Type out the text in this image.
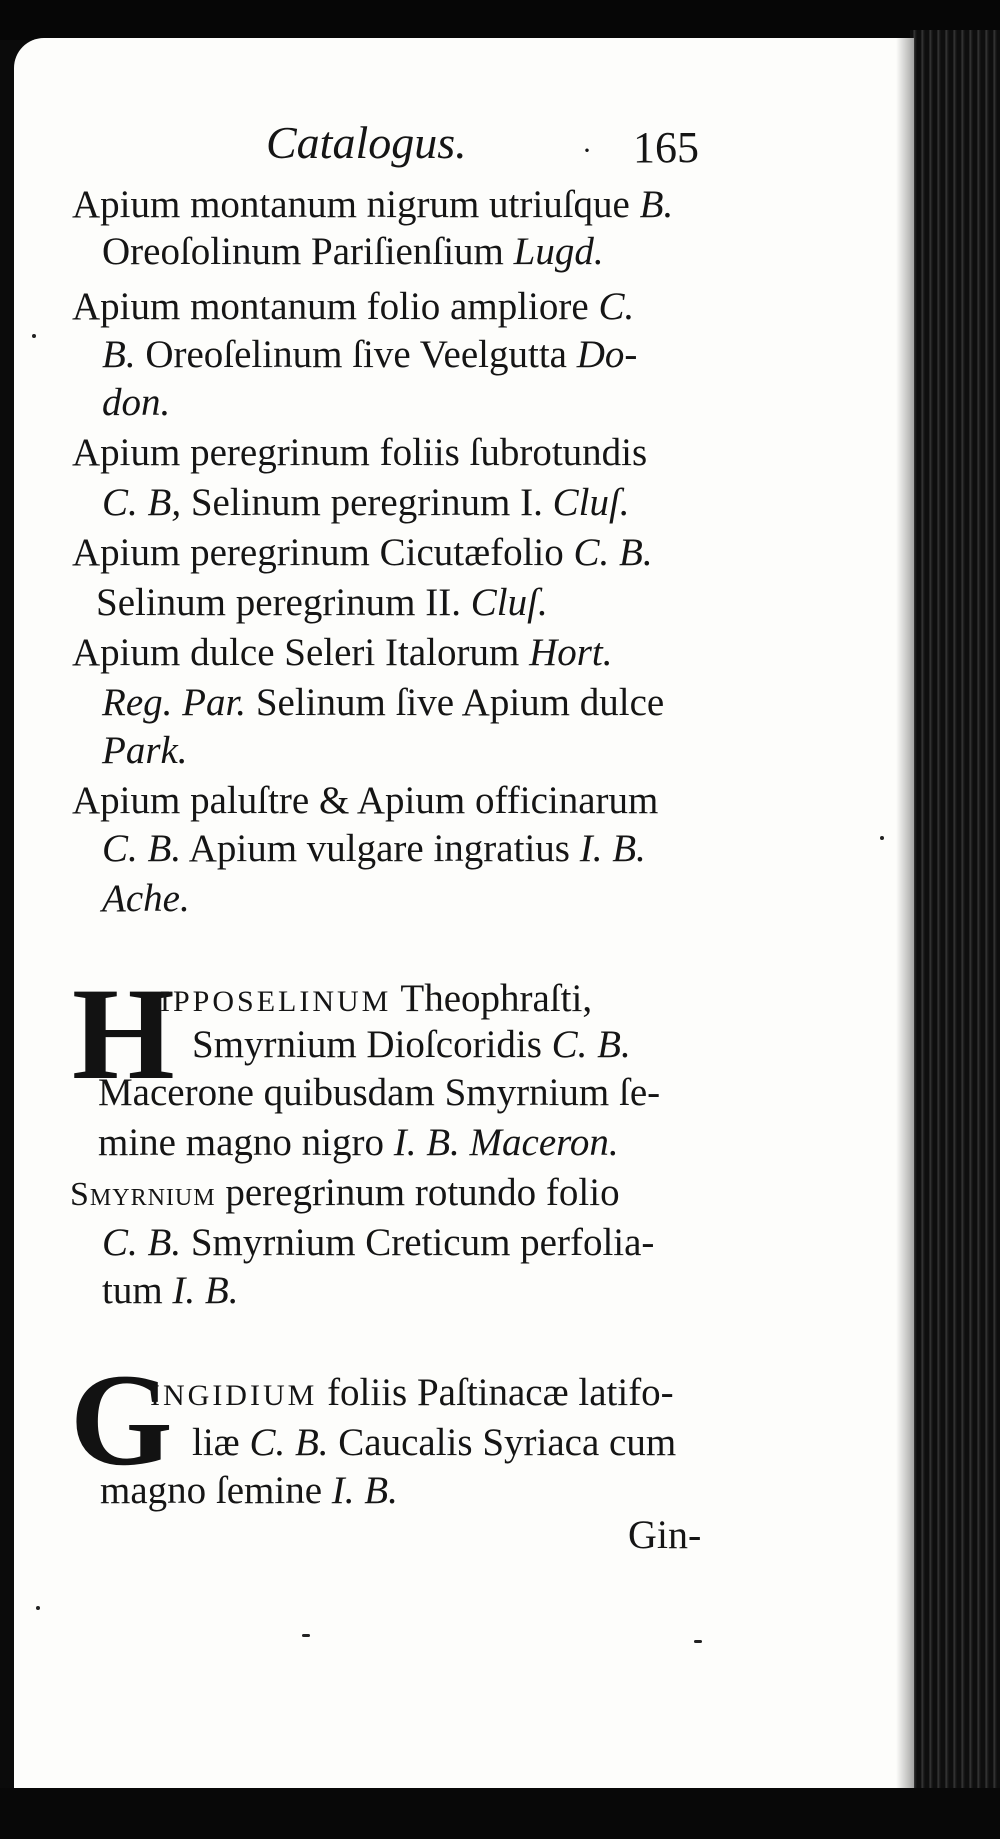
Catalogus.	· 165
Apium montanum nigrum utriuſque B.
Oreoſolinum Pariſienſium Lugd.
Apium montanum folio ampliore C.
B. Oreoſelinum ſive Veelgutta Do-
don.
Apium peregrinum foliis ſubrotundis
C. B, Selinum peregrinum I. Cluſ.
Apium peregrinum Cicutæfolio C. B.
Selinum peregrinum II. Cluſ.
Apium dulce Seleri Italorum Hort.
Reg. Par. Selinum ſive Apium dulce
Park.
Apium paluſtre & Apium officinarum
C. B. Apium vulgare ingratius I. B.
Ache.
H
IPPOSELINUM Theophraſti,
Smyrnium Dioſcoridis C. B.
Macerone quibusdam Smyrnium ſe-
mine magno nigro I. B. Maceron.
Smyrnium peregrinum rotundo folio
C. B. Smyrnium Creticum perfolia-
tum I. B.
G
INGIDIUM foliis Paſtinacæ latifo-
liæ C. B. Caucalis Syriaca cum
magno ſemine I. B.
Gin-
